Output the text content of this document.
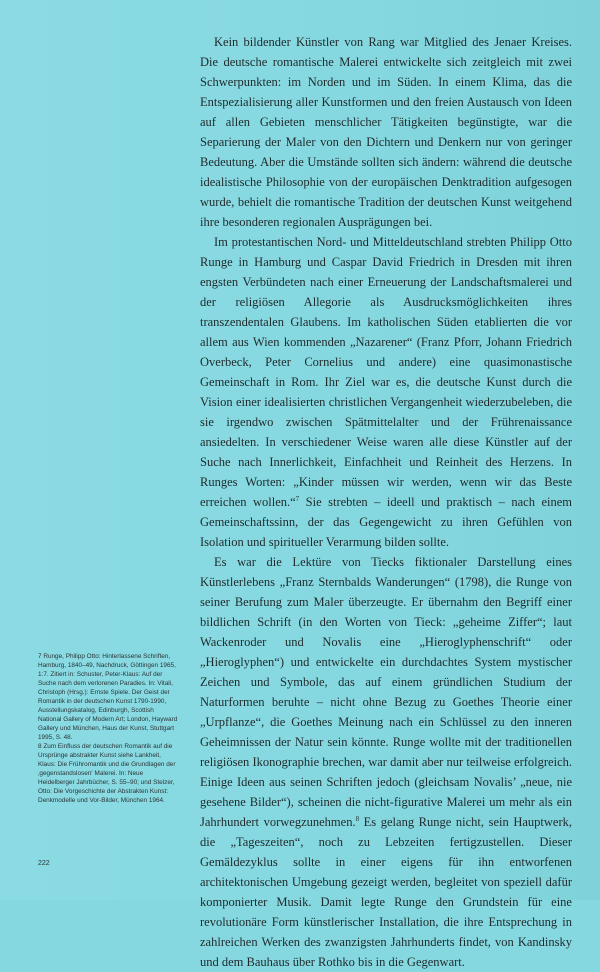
Kein bildender Künstler von Rang war Mitglied des Jenaer Kreises. Die deutsche romantische Malerei entwickelte sich zeitgleich mit zwei Schwerpunkten: im Norden und im Süden. In einem Klima, das die Entspezialisierung aller Kunstformen und den freien Austausch von Ideen auf allen Gebieten menschlicher Tätigkeiten begünstigte, war die Separierung der Maler von den Dichtern und Denkern nur von geringer Bedeutung. Aber die Umstände sollten sich ändern: während die deutsche idealistische Philosophie von der europäischen Denktradition aufgesogen wurde, behielt die romantische Tradition der deutschen Kunst weitgehend ihre besonderen regionalen Ausprägungen bei.

Im protestantischen Nord- und Mitteldeutschland strebten Philipp Otto Runge in Hamburg und Caspar David Friedrich in Dresden mit ihren engsten Verbündeten nach einer Erneuerung der Landschaftsmalerei und der religiösen Allegorie als Ausdrucksmöglichkeiten ihres transzendentalen Glaubens. Im katholischen Süden etablierten die vor allem aus Wien kommenden „Nazarener“ (Franz Pforr, Johann Friedrich Overbeck, Peter Cornelius und andere) eine quasimonastische Gemeinschaft in Rom. Ihr Ziel war es, die deutsche Kunst durch die Vision einer idealisierten christlichen Vergangenheit wiederzubeleben, die sie irgendwo zwischen Spätmittelalter und der Frührenaissance ansiedelten. In verschiedener Weise waren alle diese Künstler auf der Suche nach Innerlichkeit, Einfachheit und Reinheit des Herzens. In Runges Worten: „Kinder müssen wir werden, wenn wir das Beste erreichen wollen.“$^7$ Sie strebten – ideell und praktisch – nach einem Gemeinschaftssinn, der das Gegengewicht zu ihren Gefühlen von Isolation und spiritueller Verarmung bilden sollte.

Es war die Lektüre von Tiecks fiktionaler Darstellung eines Künstlerlebens „Franz Sternbalds Wanderungen“ (1798), die Runge von seiner Berufung zum Maler überzeugte. Er übernahm den Begriff einer bildlichen Schrift (in den Worten von Tieck: „geheime Ziffer“; laut Wackenroder und Novalis eine „Hieroglyphenschrift“ oder „Hieroglyphen“) und entwickelte ein durchdachtes System mystischer Zeichen und Symbole, das auf einem gründlichen Studium der Naturformen beruhte – nicht ohne Bezug zu Goethes Theorie einer „Urpflanze“, die Goethes Meinung nach ein Schlüssel zu den inneren Geheimnissen der Natur sein könnte. Runge wollte mit der traditionellen religiösen Ikonographie brechen, war damit aber nur teilweise erfolgreich. Einige Ideen aus seinen Schriften jedoch (gleichsam Novalis’ „neue, nie gesehene Bilder“), scheinen die nicht-figurative Malerei um mehr als ein Jahrhundert vorwegzunehmen.$^8$ Es gelang Runge nicht, sein Hauptwerk, die „Tageszeiten“, noch zu Lebzeiten fertigzustellen. Dieser Gemäldezyklus sollte in einer eigens für ihn entworfenen architektonischen Umgebung gezeigt werden, begleitet von speziell dafür komponierter Musik. Damit legte Runge den Grundstein für eine revolutionäre Form künstlerischer Installation, die ihre Entsprechung in zahlreichen Werken des zwanzigsten Jahrhunderts findet, von Kandinsky und dem Bauhaus über Rothko bis in die Gegenwart.

7 Runge, Philipp Otto: Hinterlassene Schriften, Hamburg, 1840–49, Nachdruck, Göttingen 1965, 1:7. Zitiert in: Schuster, Peter-Klaus: Auf der Suche nach dem verlorenen Paradies. In: Vitali, Christoph (Hrsg.): Ernste Spiele. Der Geist der Romantik in der deutschen Kunst 1790-1990, Ausstellungskatalog, Edinburgh, Scottish National Gallery of Modern Art; London, Hayward Gallery und München, Haus der Kunst, Stuttgart 1995, S. 48.

8 Zum Einfluss der deutschen Romantik auf die Ursprünge abstrakter Kunst siehe Lankheit, Klaus: Die Frühromantik und die Grundlagen der ‚gegenstandslosen‘ Malerei. In: Neue Heidelberger Jahrbücher, S. 55–90; und Stelzer, Otto: Die Vorgeschichte der Abstrakten Kunst: Denkmodelle und Vor-Bilder, München 1964.

222
